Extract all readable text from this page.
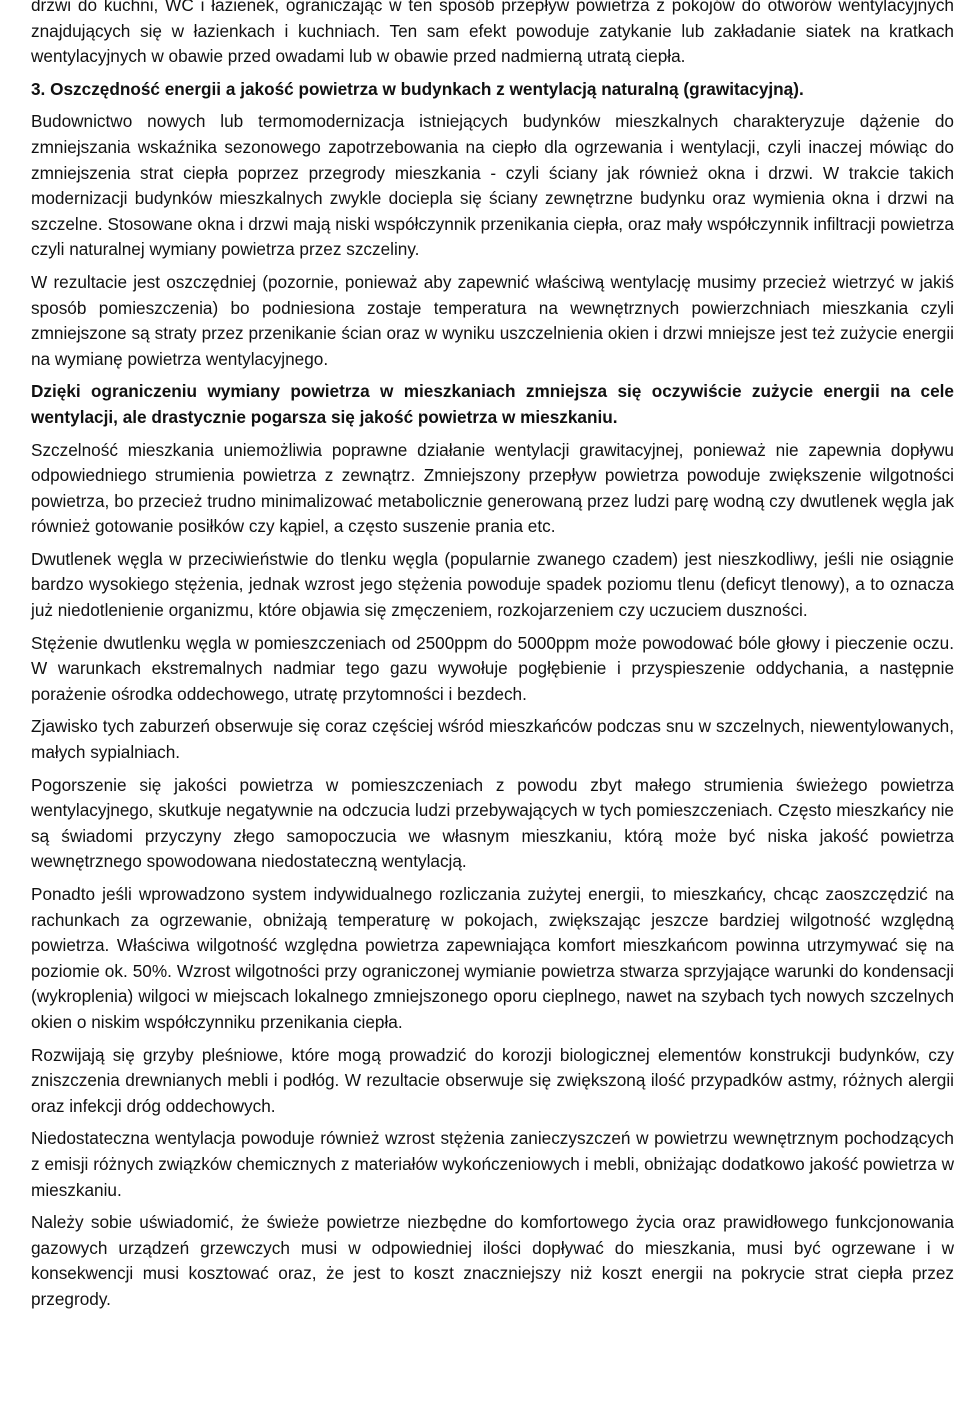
drzwi do kuchni, WC i łazienek, ograniczając w ten sposób przepływ powietrza z pokojów do otworów wentylacyjnych znajdujących się w łazienkach i kuchniach. Ten sam efekt powoduje zatykanie lub zakładanie siatek na kratkach wentylacyjnych w obawie przed owadami lub w obawie przed nadmierną utratą ciepła.

3. Oszczędność energii a jakość powietrza w budynkach z wentylacją naturalną (grawitacyjną).

Budownictwo nowych lub termomodernizacja istniejących budynków mieszkalnych charakteryzuje dążenie do zmniejszania wskaźnika sezonowego zapotrzebowania na ciepło dla ogrzewania i wentylacji, czyli inaczej mówiąc do zmniejszenia strat ciepła poprzez przegrody mieszkania - czyli ściany jak również okna i drzwi. W trakcie takich modernizacji budynków mieszkalnych zwykle docieplа się ściany zewnętrzne budynku oraz wymienia okna i drzwi na szczelne. Stosowane okna i drzwi mają niski współczynnik przenikania ciepła, oraz mały współczynnik infiltracji powietrza czyli naturalnej wymiany powietrza przez szczeliny.

W rezultacie jest oszczędniej (pozornie, ponieważ aby zapewnić właściwą wentylację musimy przecież wietrzyć w jakiś sposób pomieszczenia) bo podniesiona zostaje temperatura na wewnętrznych powierzchniach mieszkania czyli zmniejszone są straty przez przenikanie ścian oraz w wyniku uszczelnienia okien i drzwi mniejsze jest też zużycie energii na wymianę powietrza wentylacyjnego.

Dzięki ograniczeniu wymiany powietrza w mieszkaniach zmniejsza się oczywiście zużycie energii na cele wentylacji, ale drastycznie pogarsza się jakość powietrza w mieszkaniu.

Szczelność mieszkania uniemożliwia poprawne działanie wentylacji grawitacyjnej, ponieważ nie zapewnia dopływu odpowiedniego strumienia powietrza z zewnątrz. Zmniejszony przepływ powietrza powoduje zwiększenie wilgotności powietrza, bo przecież trudno minimalizować metabolicznie generowaną przez ludzi parę wodną czy dwutlenek węgla jak również gotowanie posiłków czy kąpiel, a często suszenie prania etc.

Dwutlenek węgla w przeciwieństwie do tlenku węgla (popularnie zwanego czadem) jest nieszkodliwy, jeśli nie osiągnie bardzo wysokiego stężenia, jednak wzrost jego stężenia powoduje spadek poziomu tlenu (deficyt tlenowy), a to oznacza już niedotlenienie organizmu, które objawia się zmęczeniem, rozkojarzeniem czy uczuciem duszności.

Stężenie dwutlenku węgla w pomieszczeniach od 2500ppm do 5000ppm może powodować bóle głowy i pieczenie oczu. W warunkach ekstremalnych nadmiar tego gazu wywołuje pogłębienie i przyspieszenie oddychania, a następnie porażenie ośrodka oddechowego, utratę przytomności i bezdech.

Zjawisko tych zaburzeń obserwuje się coraz częściej wśród mieszkańców podczas snu w szczelnych, niewentylowanych, małych sypialniach.

Pogorszenie się jakości powietrza w pomieszczeniach z powodu zbyt małego strumienia świeżego powietrza wentylacyjnego, skutkuje negatywnie na odczucia ludzi przebywających w tych pomieszczeniach. Często mieszkańcy nie są świadomi przyczyny złego samopoczucia we własnym mieszkaniu, którą może być niska jakość powietrza wewnętrznego spowodowana niedostateczną wentylacją.

Ponadto jeśli wprowadzono system indywidualnego rozliczania zużytej energii, to mieszkańcy, chcąc zaoszczędzić na rachunkach za ogrzewanie, obniżają temperaturę w pokojach, zwiększając jeszcze bardziej wilgotność względną powietrza. Właściwa wilgotność względna powietrza zapewniająca komfort mieszkańcom powinna utrzymywać się na poziomie ok. 50%. Wzrost wilgotności przy ograniczonej wymianie powietrza stwarza sprzyjające warunki do kondensacji (wykroplenia) wilgoci w miejscach lokalnego zmniejszonego oporu cieplnego, nawet na szybach tych nowych szczelnych okien o niskim współczynniku przenikania ciepła.

Rozwijają się grzyby pleśniowe, które mogą prowadzić do korozji biologicznej elementów konstrukcji budynków, czy zniszczenia drewnianych mebli i podłóg. W rezultacie obserwuje się zwiększoną ilość przypadków astmy, różnych alergii oraz infekcji dróg oddechowych.

Niedostateczna wentylacja powoduje również wzrost stężenia zanieczyszczeń w powietrzu wewnętrznym pochodzących z emisji różnych związków chemicznych z materiałów wykończeniowych i mebli, obniżając dodatkowo jakość powietrza w mieszkaniu.

Należy sobie uświadomić, że świeże powietrze niezbędne do komfortowego życia oraz prawidłowego funkcjonowania gazowych urządzeń grzewczych musi w odpowiedniej ilości dopływać do mieszkania, musi być ogrzewane i w konsekwencji musi kosztować oraz, że jest to koszt znaczniejszy niż koszt energii na pokrycie strat ciepła przez przegrody.
